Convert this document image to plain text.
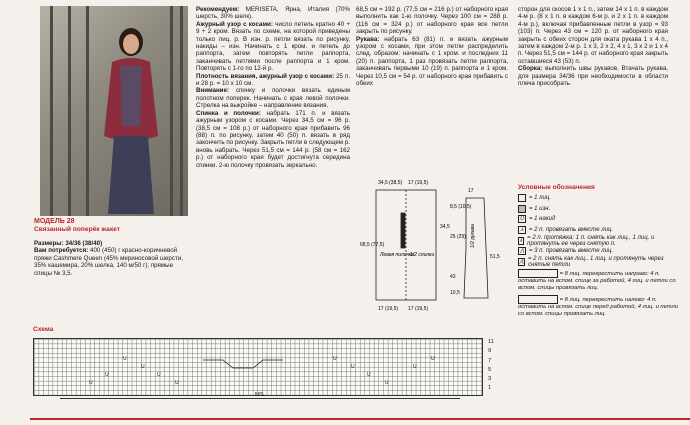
МОДЕЛЬ 28
Связанный поперёк жакет
Размеры: 34/36 (38/40)
Вам потребуется: 400 (450) г красно-коричневой пряжи Cashmere Queen (45% мериносовой шерсти, 35% кашемира, 20% шелка, 140 м/50 г); прямые спицы № 3,5.
Рекомендуем: MERISETA, Ярна, Италия (70% шерсть, 30% шелк).
Ажурный узор с косами: число петель кратно 40 + 9 + 2 кром. Вязать по схеме, на которой приведены только лиц. р. В изн. р. петли вязать по рисунку, накиды – изн. Начинать с 1 кром. и петель до раппорта, затем повторять петли раппорта, заканчивать петлями после раппорта и 1 кром. Повторять с 1-го по 12-й р.
Плотность вязания, ажурный узор с косами: 25 п. и 28 р. = 10 х 10 см.
Внимание: спинку и полочки вязать единым полотном поперек. Начинать с края левой полочки. Стрелка на выкройке – направление вязания.
Спинка и полочки: набрать 171 п. и вязать ажурным узором с косами. Через 34,5 см = 96 р. (38,5 см = 108 р.) от наборного края прибавить 96 (88) п. по рисунку, затем 40 (50) п. вязать в ряд закончить по рисунку. Закрыть петли в следующем р. вновь набрать. Через 51,5 см = 144 р. (58 см = 162 р.) от наборного края будет достигнута середина спинки. 2-ю полочку провязать зеркально.
68,5 см = 192 р. (77,5 см = 216 р.) от наборного края выполнить как 1-ю полочку. Через 100 см = 288 р. (116 см = 324 р.) от наборного края все петли закрыть по рисунку.
Рукава: набрать 63 (81) п. и вязать ажурным узором с косами, при этом петли распределить след. образом: начинать с 1 кром. и последних 11 (20) п. раппорта, 1 раз провязать петли раппорта, заканчивать первыми 10 (19) п. раппорта и 1 кром. Через 10,5 см = 54 р. от наборного края прибавить с обеих
сторон для скосов 1 х 1 п., затем 14 х 1 п. в каждом 4-м р. (8 х 1 п. в каждом 6-м р. и 2 х 1 п. в каждом 4-м р.), включая прибавленные петли в узор = 93 (103) п. Через 43 см = 120 р. от наборного края закрыть с обеих сторон для оката рукава 1 х 4 п., затем в каждом 2-м р. 1 х 3, 2 х 2, 4 х 1, 3 х 2 и 1 х 4 п. Через 51,5 см = 144 р. от наборного края закрыть оставшиеся 43 (53) п.
Сборка: выполнить швы рукавов. Втачать рукава, для размера 34/36 при необходимости в области плеча присобрать.
Условные обозначения
= 1 лиц.
= 1 изн.
U = 1 накид
⅄ = 2 п. провязать вместе лиц.
λ = 2 п. протяжка: 1 п. снять как лиц., 1 лиц. и протянуть ее через снятую п.
⋀ = 3 п. провязать вместе лиц.
⋀ = 2 п. снять как лиц., 1 лиц. и протянуть через снятые петли
= 8 лиц. перекрестить направо: 4 п. оставить на вспом. спице за работой, 4 лиц. и петли со вспом. спицы провязать лиц.
= 8 лиц. перекрестить налево: 4 п. оставить на вспом. спице перед работой, 4 лиц. и петли со вспом. спицы провязать лиц.
34,5 (38,5) 17 (19,5)
68,5 (77,5)
Левая полочка
1/2 спинки
34,5
17 (19,5) 17 (19,5)
17
8,5 (10,5)
25 (29)
51,5
43
10,5
1/2 рукава
Схема
U
U
U
U
U
U
U
U
U
U
U
U
11
9
7
5
3
1
MS
